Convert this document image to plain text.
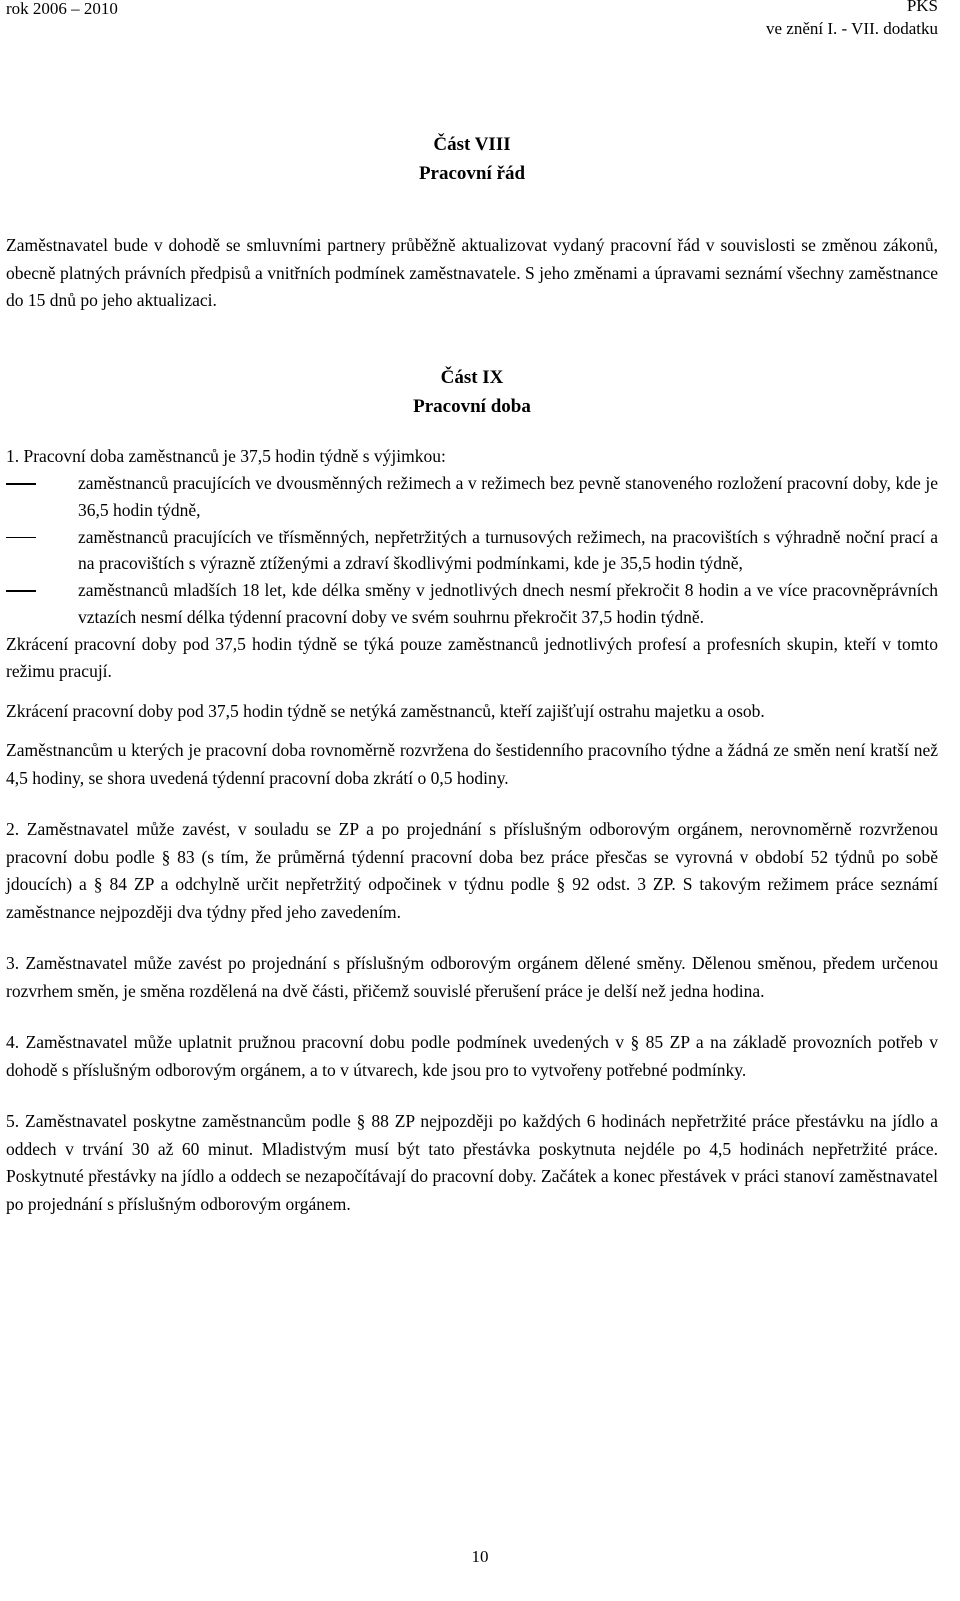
rok 2006 – 2010	PKS
ve znění I. - VII. dodatku
Část VIII
Pracovní řád

Zaměstnavatel bude v dohodě se smluvními partnery průběžně aktualizovat vydaný pracovní řád v souvislosti se změnou zákonů, obecně platných právních předpisů a vnitřních podmínek zaměstnavatele. S jeho změnami a úpravami seznámí všechny zaměstnance do 15 dnů po jeho aktualizaci.

Část IX
Pracovní doba

1. Pracovní doba zaměstnanců je 37,5 hodin týdně s výjimkou:

zaměstnanců pracujících ve dvousměnných režimech a v režimech bez pevně stanoveného rozložení pracovní doby, kde je 36,5 hodin týdně,
zaměstnanců pracujících ve třísměnných, nepřetržitých a turnusových režimech, na pracovištích s výhradně noční prací a na pracovištích s výrazně ztíženými a zdraví škodlivými podmínkami, kde je 35,5 hodin týdně,
zaměstnanců mladších 18 let, kde délka směny v jednotlivých dnech nesmí překročit 8 hodin a ve více pracovněprávních vztazích nesmí délka týdenní pracovní doby ve svém souhrnu překročit 37,5 hodin týdně.

Zkrácení pracovní doby pod 37,5 hodin týdně se týká pouze zaměstnanců jednotlivých profesí a profesních skupin, kteří v tomto režimu pracují.

Zkrácení pracovní doby pod 37,5 hodin týdně se netýká zaměstnanců, kteří zajišťují ostrahu majetku a osob.

Zaměstnancům u kterých je pracovní doba rovnoměrně rozvržena do šestidenního pracovního týdne a žádná ze směn není kratší než 4,5 hodiny, se shora uvedená týdenní pracovní doba zkrátí o 0,5 hodiny.

2. Zaměstnavatel může zavést, v souladu se ZP a po projednání s příslušným odborovým orgánem, nerovnoměrně rozvrženou pracovní dobu podle § 83 (s tím, že průměrná týdenní pracovní doba bez práce přesčas se vyrovná v období 52 týdnů po sobě jdoucích) a § 84 ZP a odchylně určit nepřetržitý odpočinek v týdnu podle § 92 odst. 3 ZP. S takovým režimem práce seznámí zaměstnance nejpozději dva týdny před jeho zavedením.

3. Zaměstnavatel může zavést po projednání s příslušným odborovým orgánem dělené směny. Dělenou směnou, předem určenou rozvrhem směn, je směna rozdělená na dvě části, přičemž souvislé přerušení práce je delší než jedna hodina.

4. Zaměstnavatel může uplatnit pružnou pracovní dobu podle podmínek uvedených v § 85 ZP a na základě provozních potřeb v dohodě s příslušným odborovým orgánem, a to v útvarech, kde jsou pro to vytvořeny potřebné podmínky.

5. Zaměstnavatel poskytne zaměstnancům podle § 88 ZP nejpozději po každých 6 hodinách nepřetržité práce přestávku na jídlo a oddech v trvání 30 až 60 minut. Mladistvým musí být tato přestávka poskytnuta nejdéle po 4,5 hodinách nepřetržité práce. Poskytnuté přestávky na jídlo a oddech se nezapočítávají do pracovní doby. Začátek a konec přestávek v práci stanoví zaměstnavatel po projednání s příslušným odborovým orgánem.

10
